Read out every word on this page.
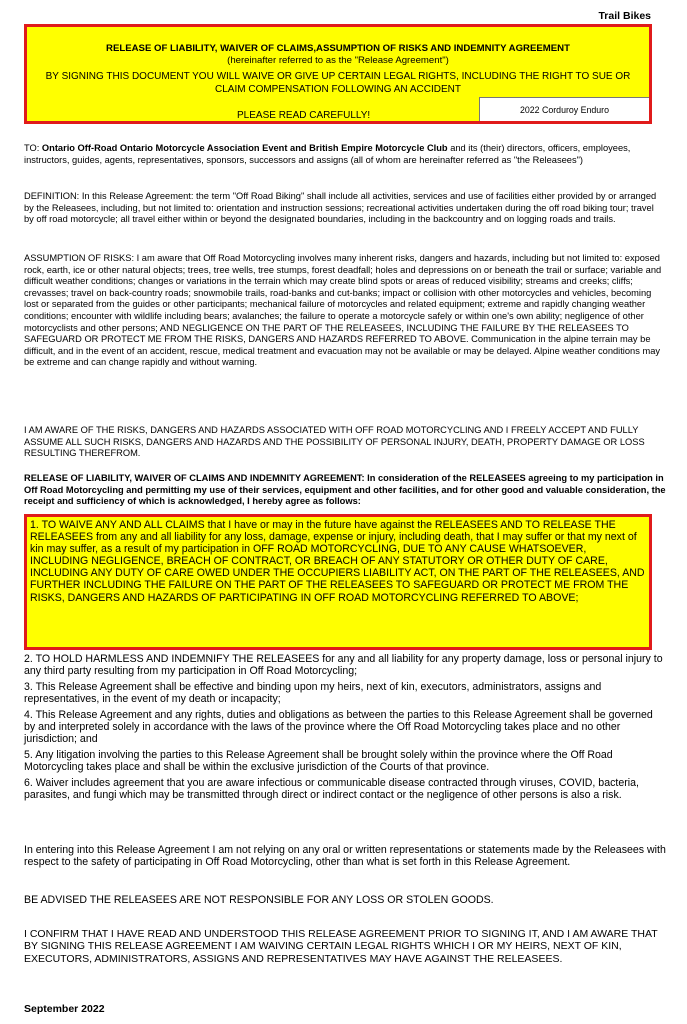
Trail Bikes
RELEASE OF LIABILITY, WAIVER OF CLAIMS,ASSUMPTION OF RISKS AND INDEMNITY AGREEMENT
(hereinafter referred to as the "Release Agreement")
BY SIGNING THIS DOCUMENT YOU WILL WAIVE OR GIVE UP CERTAIN LEGAL RIGHTS, INCLUDING THE RIGHT TO SUE OR CLAIM COMPENSATION FOLLOWING AN ACCIDENT
PLEASE READ CAREFULLY!	2022 Corduroy Enduro

TO: Ontario Off-Road Ontario Motorcycle Association Event and British Empire Motorcycle Club and its (their) directors, officers, employees, instructors, guides, agents, representatives, sponsors, successors and assigns (all of whom are hereinafter referred as "the Releasees")

DEFINITION: In this Release Agreement: the term "Off Road Biking" shall include all activities, services and use of facilities either provided by or arranged by the Releasees, including, but not limited to: orientation and instruction sessions; recreational activities undertaken during the off road biking tour; travel by off road motorcycle; all travel either within or beyond the designated boundaries, including in the backcountry and on logging roads and trails.

ASSUMPTION OF RISKS: I am aware that Off Road Motorcycling involves many inherent risks, dangers and hazards, including but not limited to: exposed rock, earth, ice or other natural objects; trees, tree wells, tree stumps, forest deadfall; holes and depressions on or beneath the trail or surface; variable and difficult weather conditions; changes or variations in the terrain which may create blind spots or areas of reduced visibility; streams and creeks; cliffs; crevasses; travel on back-country roads; snowmobile trails, road-banks and cut-banks; impact or collision with other motorcycles and vehicles, becoming lost or separated from the guides or other participants; mechanical failure of motorcycles and related equipment; extreme and rapidly changing weather conditions; encounter with wildlife including bears; avalanches; the failure to operate a motorcycle safely or within one's own ability; negligence of other motorcyclists and other persons; AND NEGLIGENCE ON THE PART OF THE RELEASEES, INCLUDING THE FAILURE BY THE RELEASEES TO SAFEGUARD OR PROTECT ME FROM THE RISKS, DANGERS AND HAZARDS REFERRED TO ABOVE. Communication in the alpine terrain may be difficult, and in the event of an accident, rescue, medical treatment and evacuation may not be available or may be delayed. Alpine weather conditions may be extreme and can change rapidly and without warning.

I AM AWARE OF THE RISKS, DANGERS AND HAZARDS ASSOCIATED WITH OFF ROAD MOTORCYCLING AND I FREELY ACCEPT AND FULLY ASSUME ALL SUCH RISKS, DANGERS AND HAZARDS AND THE POSSIBILITY OF PERSONAL INJURY, DEATH, PROPERTY DAMAGE OR LOSS RESULTING THEREFROM.

RELEASE OF LIABILITY, WAIVER OF CLAIMS AND INDEMNITY AGREEMENT: In consideration of the RELEASEES agreeing to my participation in Off Road Motorcycling and permitting my use of their services, equipment and other facilities, and for other good and valuable consideration, the receipt and sufficiency of which is acknowledged, I hereby agree as follows:

1. TO WAIVE ANY AND ALL CLAIMS that I have or may in the future have against the RELEASEES AND TO RELEASE THE RELEASEES from any and all liability for any loss, damage, expense or injury, including death, that I may suffer or that my next of kin may suffer, as a result of my participation in OFF ROAD MOTORCYCLING, DUE TO ANY CAUSE WHATSOEVER, INCLUDING NEGLIGENCE, BREACH OF CONTRACT, OR BREACH OF ANY STATUTORY OR OTHER DUTY OF CARE, INCLUDING ANY DUTY OF CARE OWED UNDER THE OCCUPIERS LIABILITY ACT, ON THE PART OF THE RELEASEES, AND FURTHER INCLUDING THE FAILURE ON THE PART OF THE RELEASEES TO SAFEGUARD OR PROTECT ME FROM THE RISKS, DANGERS AND HAZARDS OF PARTICIPATING IN OFF ROAD MOTORCYCLING REFERRED TO ABOVE;

2. TO HOLD HARMLESS AND INDEMNIFY THE RELEASEES for any and all liability for any property damage, loss or personal injury to any third party resulting from my participation in Off Road Motorcycling;

3. This Release Agreement shall be effective and binding upon my heirs, next of kin, executors, administrators, assigns and representatives, in the event of my death or incapacity;

4. This Release Agreement and any rights, duties and obligations as between the parties to this Release Agreement shall be governed by and interpreted solely in accordance with the laws of the province where the Off Road Motorcycling takes place and no other jurisdiction; and

5. Any litigation involving the parties to this Release Agreement shall be brought solely within the province where the Off Road Motorcycling takes place and shall be within the exclusive jurisdiction of the Courts of that province.

6. Waiver includes agreement that you are aware infectious or communicable disease contracted through viruses, COVID, bacteria, parasites, and fungi which may be transmitted through direct or indirect contact or the negligence of other persons is also a risk.

In entering into this Release Agreement I am not relying on any oral or written representations or statements made by the Releasees with respect to the safety of participating in Off Road Motorcycling, other than what is set forth in this Release Agreement.

BE ADVISED THE RELEASEES ARE NOT RESPONSIBLE FOR ANY LOSS OR STOLEN GOODS.

I CONFIRM THAT I HAVE READ AND UNDERSTOOD THIS RELEASE AGREEMENT PRIOR TO SIGNING IT, AND I AM AWARE THAT BY SIGNING THIS RELEASE AGREEMENT I AM WAIVING CERTAIN LEGAL RIGHTS WHICH I OR MY HEIRS, NEXT OF KIN, EXECUTORS, ADMINISTRATORS, ASSIGNS AND REPRESENTATIVES MAY HAVE AGAINST THE RELEASEES.

September 2022
